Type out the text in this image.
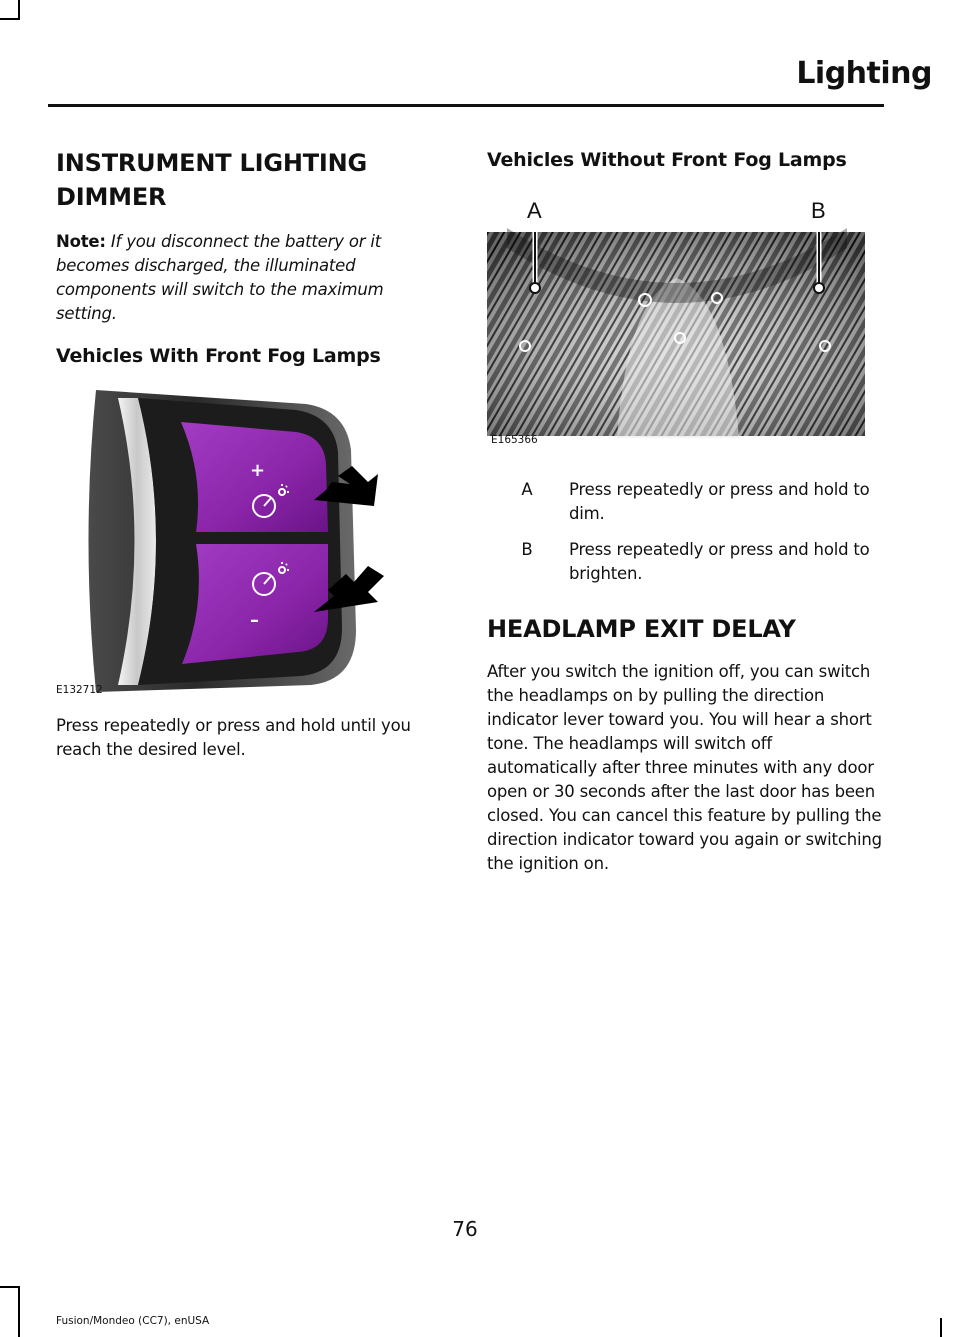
Lighting
INSTRUMENT LIGHTING DIMMER

Note: If you disconnect the battery or it becomes discharged, the illuminated components will switch to the maximum setting.

Vehicles With Front Fog Lamps
+
–
E132712

Press repeatedly or press and hold until you reach the desired level.

Vehicles Without Front Fog Lamps
A	B
E165366
A	Press repeatedly or press and hold to dim.
B	Press repeatedly or press and hold to brighten.
HEADLAMP EXIT DELAY

After you switch the ignition off, you can switch the headlamps on by pulling the direction indicator lever toward you. You will hear a short tone. The headlamps will switch off automatically after three minutes with any door open or 30 seconds after the last door has been closed. You can cancel this feature by pulling the direction indicator toward you again or switching the ignition on.

76
Fusion/Mondeo (CC7), enUSA
